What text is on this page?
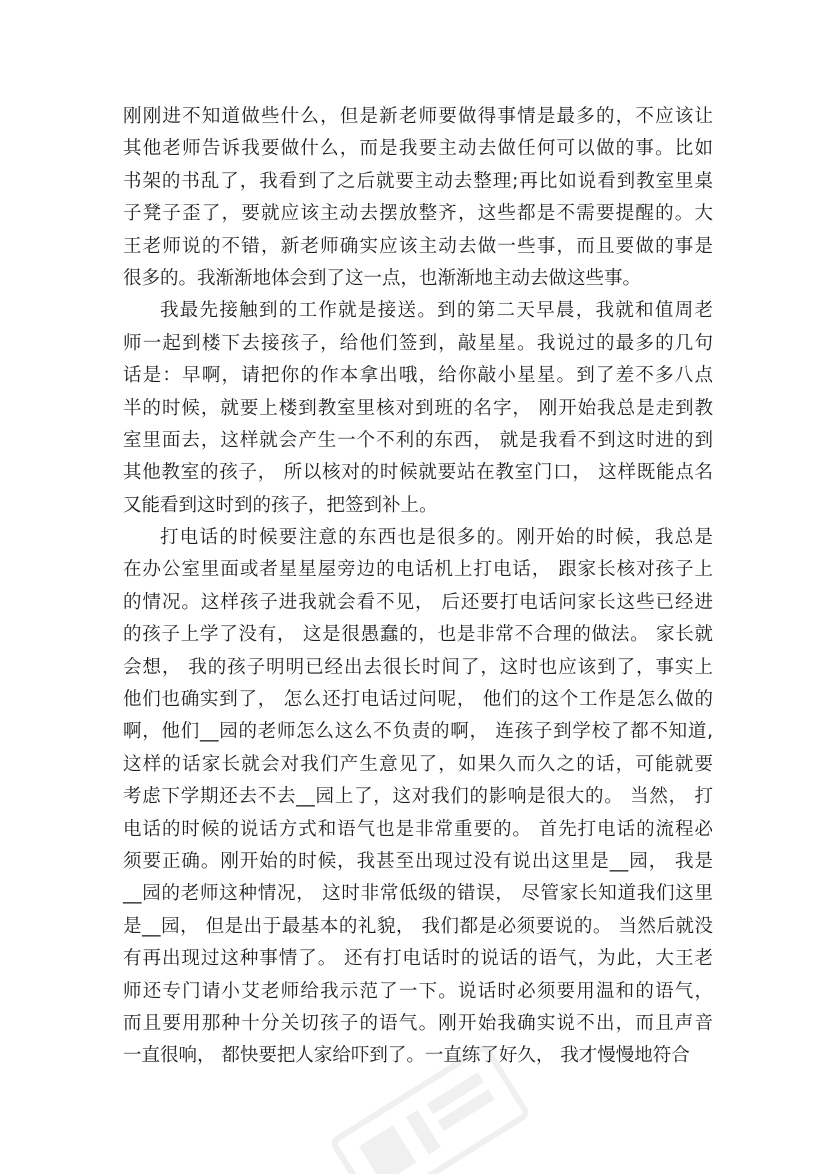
刚刚进不知道做些什么，但是新老师要做得事情是最多的，不应该让
其他老师告诉我要做什么，而是我要主动去做任何可以做的事。比如
书架的书乱了，我看到了之后就要主动去整理;再比如说看到教室里桌
子凳子歪了，要就应该主动去摆放整齐，这些都是不需要提醒的。大
王老师说的不错，新老师确实应该主动去做一些事，而且要做的事是
很多的。我渐渐地体会到了这一点，也渐渐地主动去做这些事。
我最先接触到的工作就是接送。到的第二天早晨，我就和值周老
师一起到楼下去接孩子，给他们签到，敲星星。我说过的最多的几句
话是：早啊，请把你的作本拿出哦，给你敲小星星。到了差不多八点
半的时候，就要上楼到教室里核对到班的名字， 刚开始我总是走到教
室里面去，这样就会产生一个不利的东西， 就是我看不到这时进的到
其他教室的孩子， 所以核对的时候就要站在教室门口， 这样既能点名
又能看到这时到的孩子，把签到补上。
打电话的时候要注意的东西也是很多的。刚开始的时候，我总是
在办公室里面或者星星屋旁边的电话机上打电话， 跟家长核对孩子上
的情况。这样孩子进我就会看不见， 后还要打电话问家长这些已经进
的孩子上学了没有， 这是很愚蠢的，也是非常不合理的做法。 家长就
会想， 我的孩子明明已经出去很长时间了，这时也应该到了，事实上
他们也确实到了， 怎么还打电话过问呢， 他们的这个工作是怎么做的
啊，他们__园的老师怎么这么不负责的啊， 连孩子到学校了都不知道,
这样的话家长就会对我们产生意见了，如果久而久之的话，可能就要
考虑下学期还去不去__园上了，这对我们的影响是很大的。 当然， 打
电话的时候的说话方式和语气也是非常重要的。 首先打电话的流程必
须要正确。刚开始的时候，我甚至出现过没有说出这里是__园， 我是
__园的老师这种情况， 这时非常低级的错误， 尽管家长知道我们这里
是__园， 但是出于最基本的礼貌， 我们都是必须要说的。 当然后就没
有再出现过这种事情了。 还有打电话时的说话的语气，为此，大王老
师还专门请小艾老师给我示范了一下。说话时必须要用温和的语气，
而且要用那种十分关切孩子的语气。刚开始我确实说不出，而且声音
一直很响， 都快要把人家给吓到了。一直练了好久， 我才慢慢地符合
